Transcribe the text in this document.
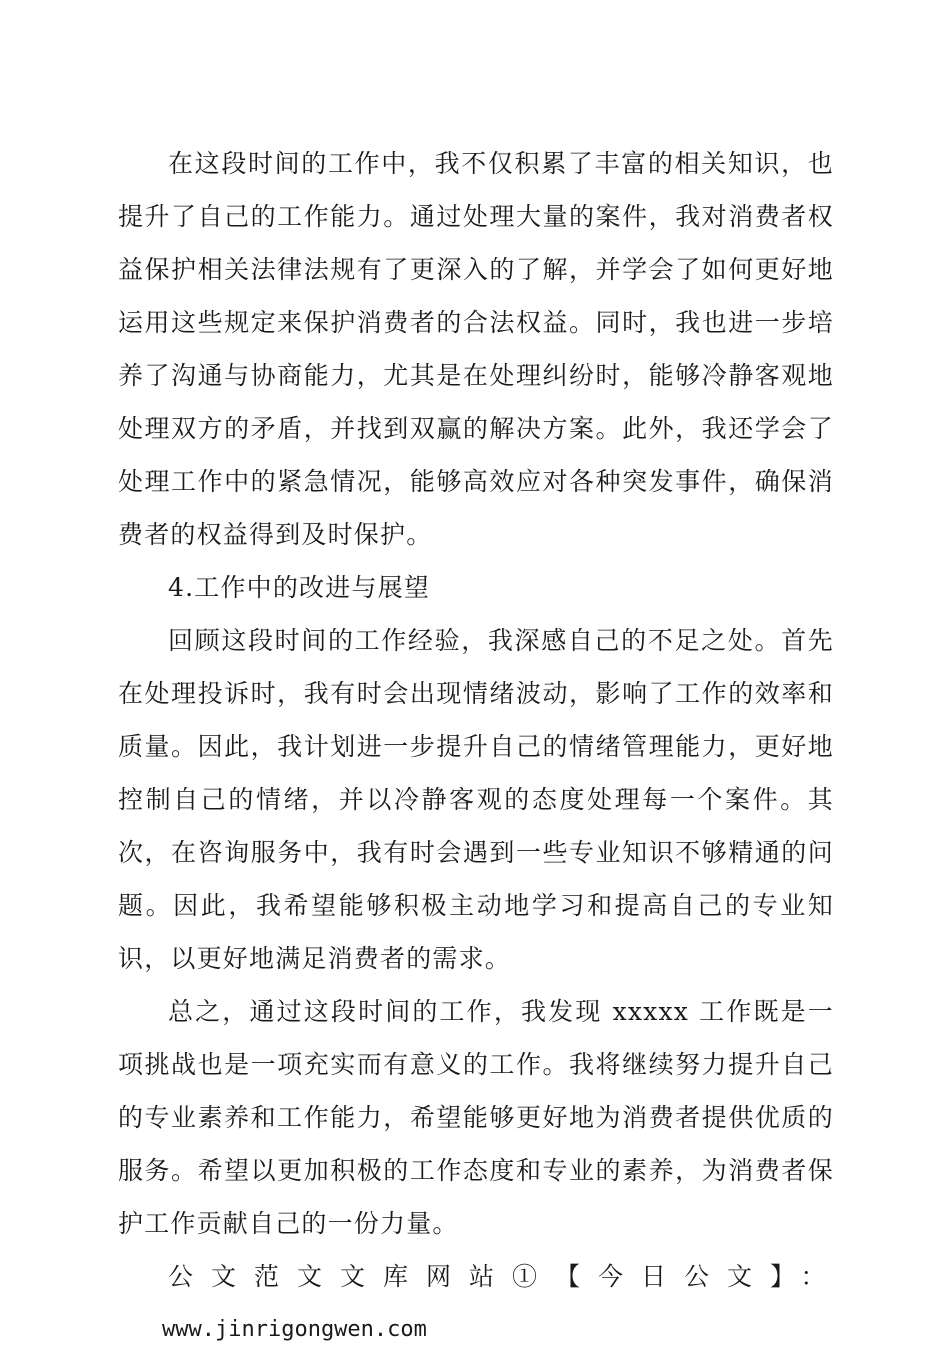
在这段时间的工作中，我不仅积累了丰富的相关知识，也提升了自己的工作能力。通过处理大量的案件，我对消费者权益保护相关法律法规有了更深入的了解，并学会了如何更好地运用这些规定来保护消费者的合法权益。同时，我也进一步培养了沟通与协商能力，尤其是在处理纠纷时，能够冷静客观地处理双方的矛盾，并找到双赢的解决方案。此外，我还学会了处理工作中的紧急情况，能够高效应对各种突发事件，确保消费者的权益得到及时保护。

4.工作中的改进与展望

回顾这段时间的工作经验，我深感自己的不足之处。首先在处理投诉时，我有时会出现情绪波动，影响了工作的效率和质量。因此，我计划进一步提升自己的情绪管理能力，更好地控制自己的情绪，并以冷静客观的态度处理每一个案件。其次，在咨询服务中，我有时会遇到一些专业知识不够精通的问题。因此，我希望能够积极主动地学习和提高自己的专业知识，以更好地满足消费者的需求。

总之，通过这段时间的工作，我发现 xxxxx 工作既是一项挑战也是一项充实而有意义的工作。我将继续努力提升自己的专业素养和工作能力，希望能够更好地为消费者提供优质的服务。希望以更加积极的工作态度和专业的素养，为消费者保护工作贡献自己的一份力量。

公文范文文库网站①【今日公文】：

www.jinrigongwen.com
